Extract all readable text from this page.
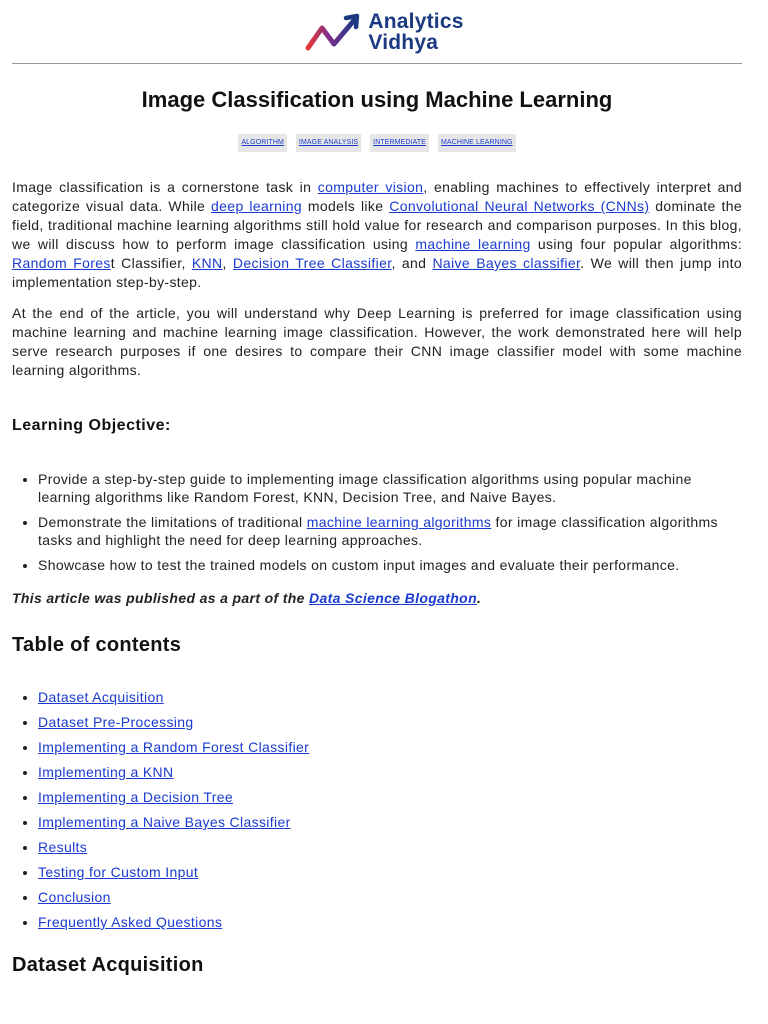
Analytics
Vidhya
Image Classification using Machine Learning
ALGORITHM	IMAGE ANALYSIS	INTERMEDIATE	MACHINE LEARNING

Image classification is a cornerstone task in computer vision, enabling machines to effectively interpret and categorize visual data. While deep learning models like Convolutional Neural Networks (CNNs) dominate the field, traditional machine learning algorithms still hold value for research and comparison purposes. In this blog, we will discuss how to perform image classification using machine learning using four popular algorithms: Random Forest Classifier, KNN, Decision Tree Classifier, and Naive Bayes classifier. We will then jump into implementation step-by-step.

At the end of the article, you will understand why Deep Learning is preferred for image classification using machine learning and machine learning image classification. However, the work demonstrated here will help serve research purposes if one desires to compare their CNN image classifier model with some machine learning algorithms.

Learning Objective:
• Provide a step-by-step guide to implementing image classification algorithms using popular machine learning algorithms like Random Forest, KNN, Decision Tree, and Naive Bayes.
• Demonstrate the limitations of traditional machine learning algorithms for image classification algorithms tasks and highlight the need for deep learning approaches.
• Showcase how to test the trained models on custom input images and evaluate their performance.

This article was published as a part of the Data Science Blogathon.

Table of contents
• Dataset Acquisition
• Dataset Pre-Processing
• Implementing a Random Forest Classifier
• Implementing a KNN
• Implementing a Decision Tree
• Implementing a Naive Bayes Classifier
• Results
• Testing for Custom Input
• Conclusion
• Frequently Asked Questions
Dataset Acquisition
